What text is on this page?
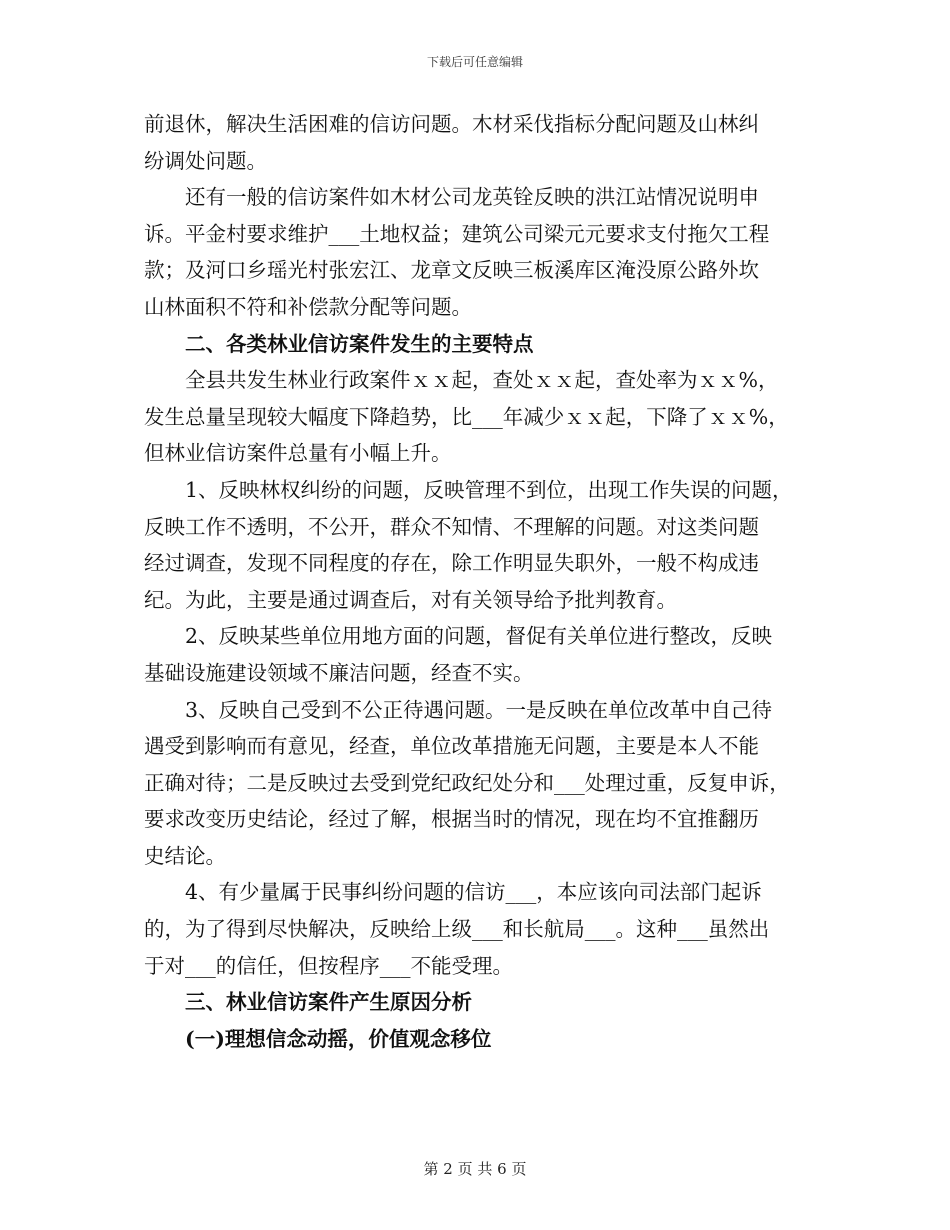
下载后可任意编辑
前退休，解决生活困难的信访问题。木材采伐指标分配问题及山林纠
纷调处问题。
还有一般的信访案件如木材公司龙英铨反映的洪江站情况说明申
诉。平金村要求维护___土地权益；建筑公司梁元元要求支付拖欠工程
款；及河口乡瑶光村张宏江、龙章文反映三板溪库区淹没原公路外坎
山林面积不符和补偿款分配等问题。
二、各类林业信访案件发生的主要特点
全县共发生林业行政案件ｘｘ起，查处ｘｘ起，查处率为ｘｘ%，
发生总量呈现较大幅度下降趋势，比___年减少ｘｘ起，下降了ｘｘ%，
但林业信访案件总量有小幅上升。
1、反映林权纠纷的问题，反映管理不到位，出现工作失误的问题，
反映工作不透明，不公开，群众不知情、不理解的问题。对这类问题
经过调查，发现不同程度的存在，除工作明显失职外，一般不构成违
纪。为此，主要是通过调查后，对有关领导给予批判教育。
2、反映某些单位用地方面的问题，督促有关单位进行整改，反映
基础设施建设领域不廉洁问题，经查不实。
3、反映自己受到不公正待遇问题。一是反映在单位改革中自己待
遇受到影响而有意见，经查，单位改革措施无问题，主要是本人不能
正确对待；二是反映过去受到党纪政纪处分和___处理过重，反复申诉，
要求改变历史结论，经过了解，根据当时的情况，现在均不宜推翻历
史结论。
4、有少量属于民事纠纷问题的信访___，本应该向司法部门起诉
的，为了得到尽快解决，反映给上级___和长航局___。这种___虽然出
于对___的信任，但按程序___不能受理。
三、林业信访案件产生原因分析
(一)理想信念动摇，价值观念移位
第 2 页 共 6 页
